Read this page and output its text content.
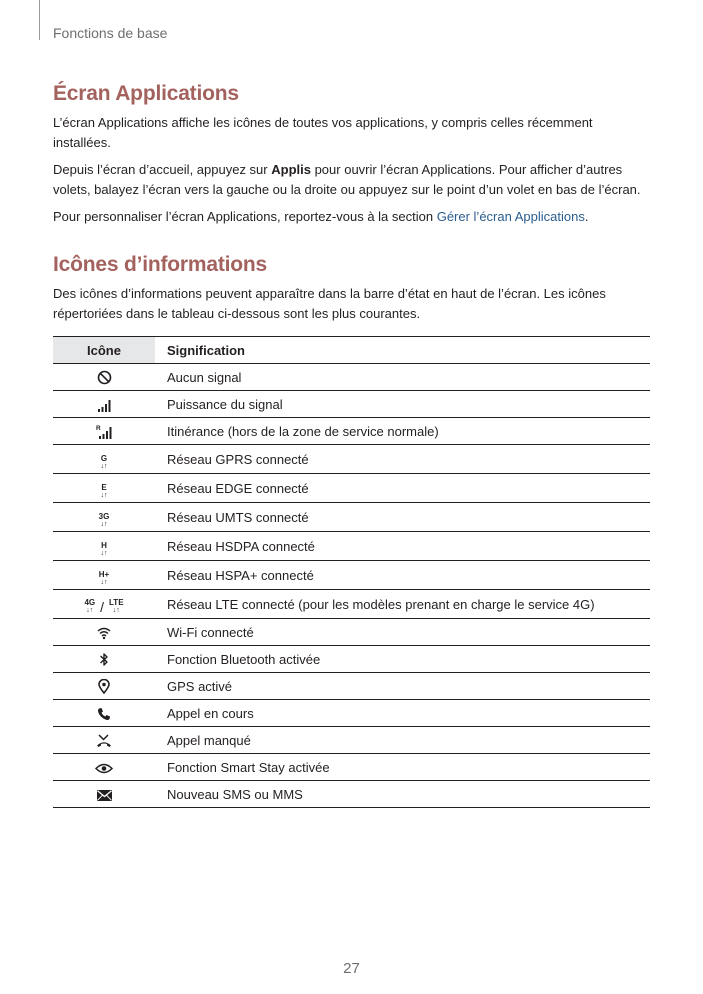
Fonctions de base
Écran Applications

L’écran Applications affiche les icônes de toutes vos applications, y compris celles récemment installées.

Depuis l’écran d’accueil, appuyez sur Applis pour ouvrir l’écran Applications. Pour afficher d’autres volets, balayez l’écran vers la gauche ou la droite ou appuyez sur le point d’un volet en bas de l’écran.

Pour personnaliser l’écran Applications, reportez-vous à la section Gérer l’écran Applications.

Icônes d’informations

Des icônes d’informations peuvent apparaître dans la barre d’état en haut de l’écran. Les icônes répertoriées dans le tableau ci-dessous sont les plus courantes.

Icône	Signification

	Aucun signal

	Puissance du signal

R	Itinérance (hors de la zone de service normale)

G
↓↑	Réseau GPRS connecté

E
↓↑	Réseau EDGE connecté

3G
↓↑	Réseau UMTS connecté

H
↓↑	Réseau HSDPA connecté

H+
↓↑	Réseau HSPA+ connecté

4G
↓↑ / LTE
↓↑	Réseau LTE connecté (pour les modèles prenant en charge le service 4G)

	Wi-Fi connecté

	Fonction Bluetooth activée

	GPS activé

	Appel en cours

	Appel manqué

	Fonction Smart Stay activée

	Nouveau SMS ou MMS
27
